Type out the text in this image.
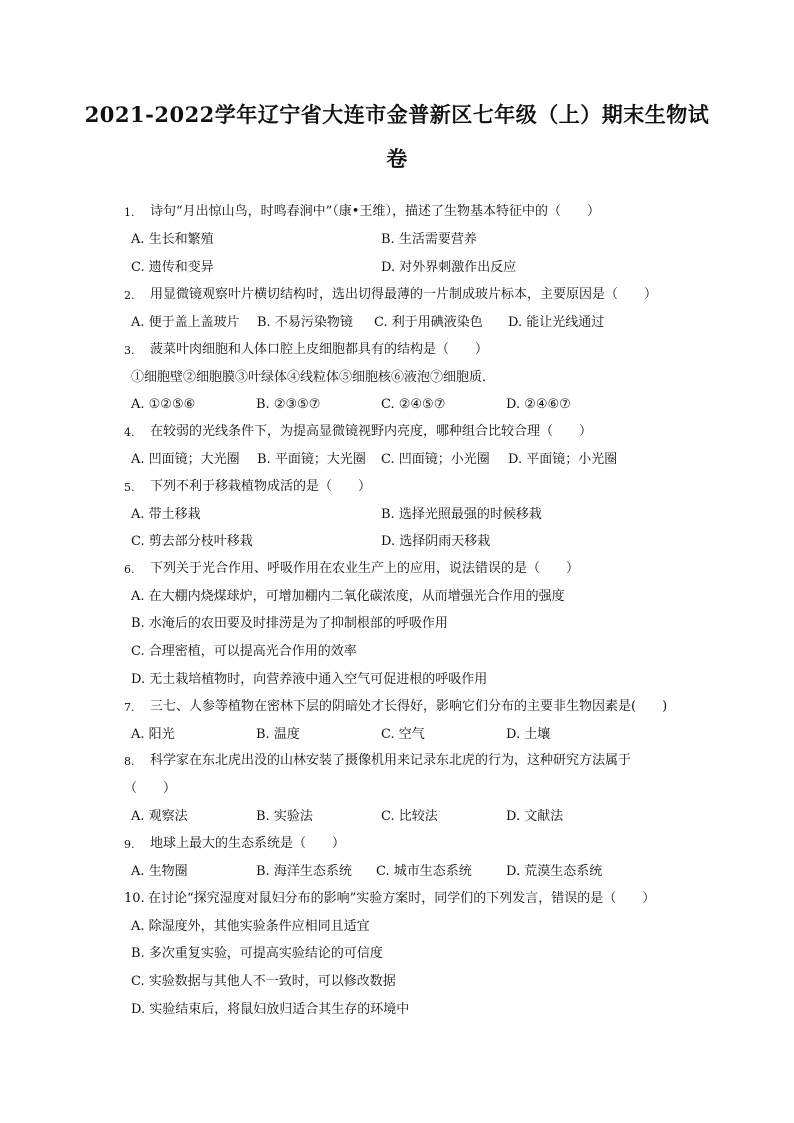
2021-2022学年辽宁省大连市金普新区七年级（上）期末生物试
卷
1. 诗句“月出惊山鸟，时鸣春涧中”（康•王维），描述了生物基本特征中的（　　）
A. 生长和繁殖	B. 生活需要营养
C. 遗传和变异	D. 对外界刺激作出反应
2. 用显微镜观察叶片横切结构时，选出切得最薄的一片制成玻片标本，主要原因是（　　）
A. 便于盖上盖玻片 B. 不易污染物镜 C. 利于用碘液染色 D. 能让光线通过
3. 菠菜叶肉细胞和人体口腔上皮细胞都具有的结构是（　　）
①细胞壁②细胞膜③叶绿体④线粒体⑤细胞核⑥液泡⑦细胞质．
A. ①②⑤⑥	B. ②③⑤⑦	C. ②④⑤⑦	D. ②④⑥⑦
4. 在较弱的光线条件下，为提高显微镜视野内亮度，哪种组合比较合理（　　）
A. 凹面镜；大光圈 B. 平面镜；大光圈 C. 凹面镜；小光圈 D. 平面镜；小光圈
5. 下列不利于移栽植物成活的是（　　）
A. 带土移栽	B. 选择光照最强的时候移栽
C. 剪去部分枝叶移栽	D. 选择阴雨天移栽
6. 下列关于光合作用、呼吸作用在农业生产上的应用，说法错误的是（　　）
A. 在大棚内烧煤球炉，可增加棚内二氧化碳浓度，从而增强光合作用的强度
B. 水淹后的农田要及时排涝是为了抑制根部的呼吸作用
C. 合理密植，可以提高光合作用的效率
D. 无土栽培植物时，向营养液中通入空气可促进根的呼吸作用
7. 三七、人参等植物在密林下层的阴暗处才长得好，影响它们分布的主要非生物因素是(　　)
A. 阳光	B. 温度	C. 空气	D. 土壤
8. 科学家在东北虎出没的山林安装了摄像机用来记录东北虎的行为，这种研究方法属于
（　　）
A. 观察法	B. 实验法	C. 比较法	D. 文献法
9. 地球上最大的生态系统是（　　）
A. 生物圈	B. 海洋生态系统 C. 城市生态系统	D. 荒漠生态系统
10. 在讨论“探究湿度对鼠妇分布的影响”实验方案时，同学们的下列发言，错误的是（　　）
A. 除湿度外，其他实验条件应相同且适宜
B. 多次重复实验，可提高实验结论的可信度
C. 实验数据与其他人不一致时，可以修改数据
D. 实验结束后，将鼠妇放归适合其生存的环境中
